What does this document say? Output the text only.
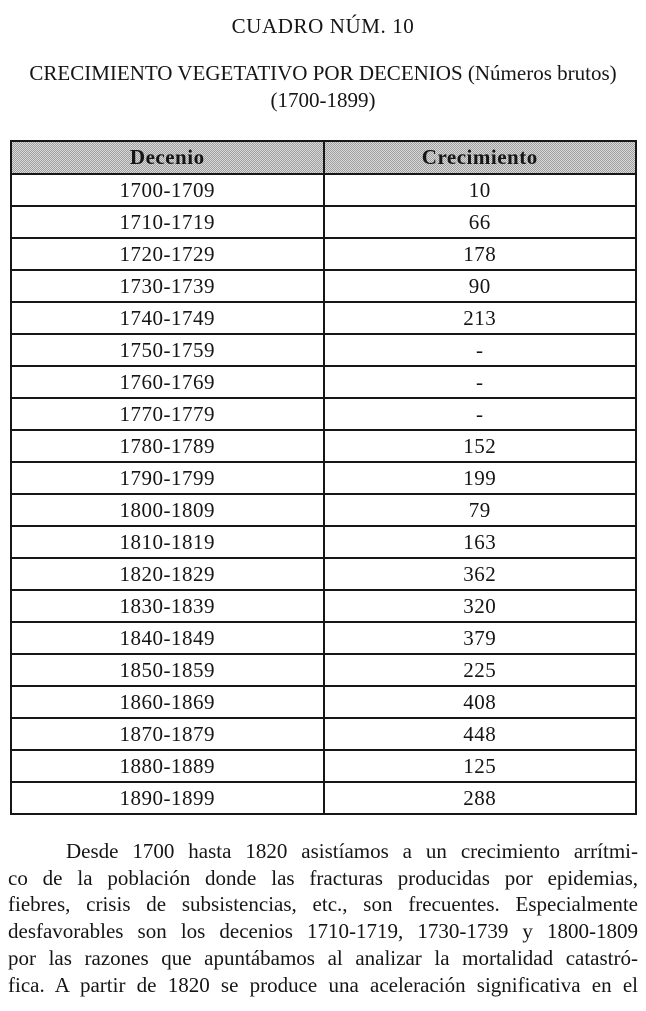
CUADRO NÚM. 10
CRECIMIENTO VEGETATIVO POR DECENIOS (Números brutos)
(1700-1899)
Decenio	Crecimiento
1700-1709	10
1710-1719	66
1720-1729	178
1730-1739	90
1740-1749	213
1750-1759	-
1760-1769	-
1770-1779	-
1780-1789	152
1790-1799	199
1800-1809	79
1810-1819	163
1820-1829	362
1830-1839	320
1840-1849	379
1850-1859	225
1860-1869	408
1870-1879	448
1880-1889	125
1890-1899	288
Desde 1700 hasta 1820 asistíamos a un crecimiento arrítmi-
co de la población donde las fracturas producidas por epidemias,
fiebres, crisis de subsistencias, etc., son frecuentes. Especialmente
desfavorables son los decenios 1710-1719, 1730-1739 y 1800-1809
por las razones que apuntábamos al analizar la mortalidad catastró-
fica. A partir de 1820 se produce una aceleración significativa en el
